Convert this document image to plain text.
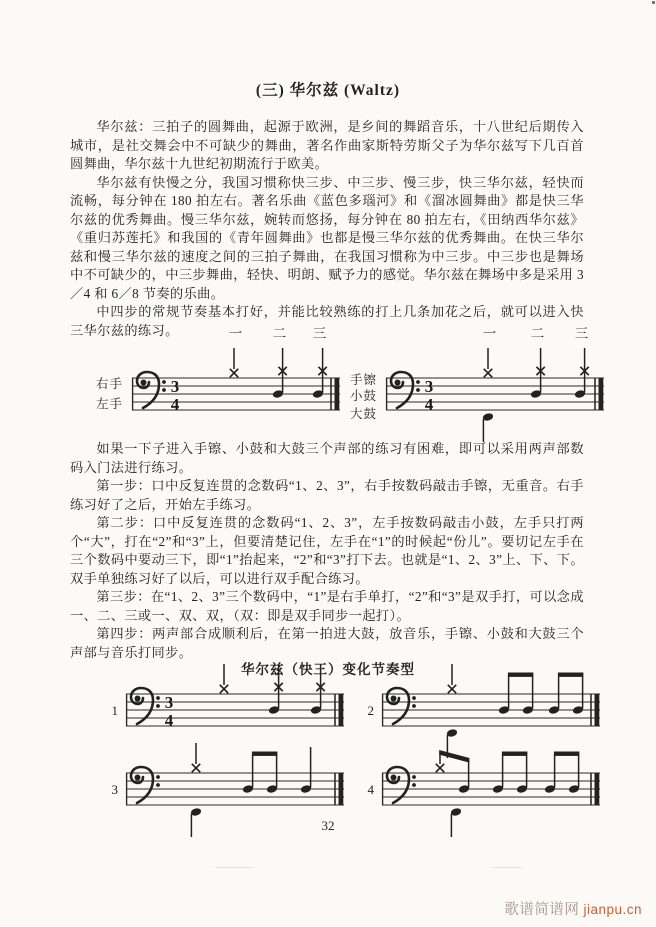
(三) 华尔兹 (Waltz)

华尔兹：三拍子的圆舞曲，起源于欧洲，是乡间的舞蹈音乐，十八世纪后期传入城市，是社交舞会中不可缺少的舞曲，著名作曲家斯特劳斯父子为华尔兹写下几百首圆舞曲，华尔兹十九世纪初期流行于欧美。

华尔兹有快慢之分，我国习惯称快三步、中三步、慢三步，快三华尔兹，轻快而流畅，每分钟在 180 拍左右。著名乐曲《蓝色多瑙河》和《溜冰圆舞曲》都是快三华尔兹的优秀舞曲。慢三华尔兹，婉转而悠扬，每分钟在 80 拍左右，《田纳西华尔兹》《重归苏莲托》和我国的《青年圆舞曲》也都是慢三华尔兹的优秀舞曲。在快三华尔兹和慢三华尔兹的速度之间的三拍子舞曲，在我国习惯称为中三步。中三步也是舞场中不可缺少的，中三步舞曲，轻快、明朗、赋予力的感觉。华尔兹在舞场中多是采用 3／4 和 6／8 节奏的乐曲。

中四步的常规节奏基本打好，并能比较熟练的打上几条加花之后，就可以进入快三华尔兹的练习。

右手
左手
3
4
一 二 三
手镲
小鼓
大鼓
3
4
一 二 三

如果一下子进入手镲、小鼓和大鼓三个声部的练习有困难，即可以采用两声部数码入门法进行练习。

第一步：口中反复连贯的念数码“1、2、3”，右手按数码敲击手镲，无重音。右手练习好了之后，开始左手练习。

第二步：口中反复连贯的念数码“1、2、3”，左手按数码敲击小鼓，左手只打两个“大”，打在“2”和“3”上，但要清楚记住，左手在“1”的时候起“份儿”。要切记左手在三个数码中要动三下，即“1”抬起来，“2”和“3”打下去。也就是“1、2、3”上、下、下。双手单独练习好了以后，可以进行双手配合练习。

第三步：在“1、2、3”三个数码中，“1”是右手单打，“2”和“3”是双手打，可以念成一、二、三或一、双、双，（双：即是双手同步一起打）。

第四步：两声部合成顺利后，在第一拍进大鼓，放音乐，手镲、小鼓和大鼓三个声部与音乐打同步。

华尔兹（快三）变化节奏型
1	3
4
2
3	4
32
歌谱简谱网 jianpu.cn
